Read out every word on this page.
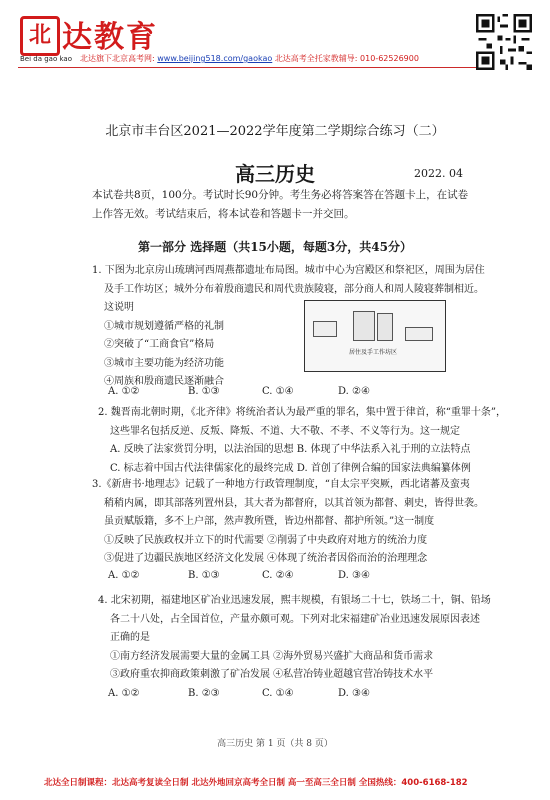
北 达教育
Bei da gao kao 北达旗下北京高考网: www.beijing518.com/gaokao 北达高考全托家教辅导: 010-62526900
北京市丰台区2021—2022学年度第二学期综合练习（二）
高三历史	2022. 04
本试卷共8页，100分。考试时长90分钟。考生务必将答案答在答题卡上，在试卷
上作答无效。考试结束后，将本试卷和答题卡一并交回。
第一部分 选择题（共15小题，每题3分，共45分）
1. 下图为北京房山琉璃河西周燕都遗址布局图。城市中心为宫殿区和祭祀区，周围为居住
及手工作坊区；城外分布着殷商遗民和周代贵族陵寝，部分商人和周人陵寝葬制相近。
这说明
①城市规划遵循严格的礼制
②突破了“工商食官”格局
③城市主要功能为经济功能
④周族和殷商遗民逐渐融合
居住及手工作坊区
A. ①②	B. ①③	C. ①④	D. ②④
2. 魏晋南北朝时期，《北齐律》将统治者认为最严重的罪名，集中置于律首，称“重罪十条”，
这些罪名包括反逆、反叛、降叛、不道、大不敬、不孝、不义等行为。这一规定
A. 反映了法家赏罚分明，以法治国的思想 B. 体现了中华法系入礼于刑的立法特点
C. 标志着中国古代法律儒家化的最终完成 D. 首创了律例合编的国家法典编纂体例
3.《新唐书·地理志》记载了一种地方行政管理制度，“自太宗平突厥，西北诸蕃及蛮夷
稍稍内属，即其部落列置州县，其大者为都督府，以其首领为都督、刺史，皆得世袭。
虽贡赋版籍，多不上户部，然声教所暨，皆边州都督、都护所领。”这一制度
①反映了民族政权并立下的时代需要 ②削弱了中央政府对地方的统治力度
③促进了边疆民族地区经济文化发展 ④体现了统治者因俗而治的治理理念
A. ①②	B. ①③	C. ②④	D. ③④
4. 北宋初期，福建地区矿冶业迅速发展，熙丰规模，有银场二十七，铁场二十，铜、铅场
各二十八处，占全国首位，产量亦颇可观。下列对北宋福建矿冶业迅速发展原因表述
正确的是
①南方经济发展需要大量的金属工具 ②海外贸易兴盛扩大商品和货币需求
③政府重农抑商政策刺激了矿冶发展 ④私营冶铸业超越官营冶铸技术水平
A. ①②	B. ②③	C. ①④	D. ③④
高三历史 第 1 页（共 8 页）
北达全日制课程：北达高考复读全日制 北达外地回京高考全日制 高一至高三全日制 全国热线：400-6168-182
